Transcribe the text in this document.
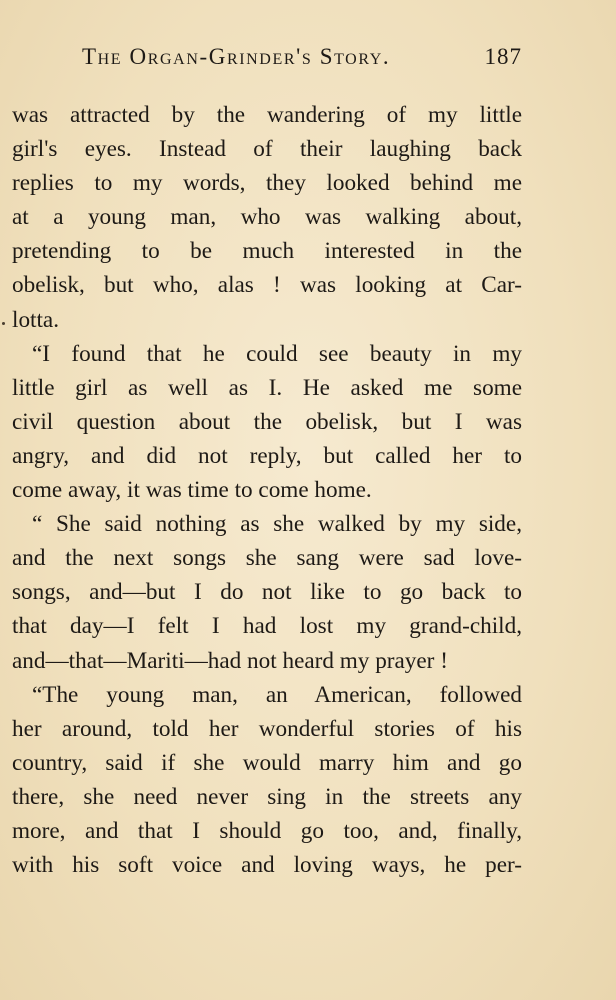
The Organ-Grinder's Story.	187
was attracted by the wandering of my little
girl's eyes. Instead of their laughing back
replies to my words, they looked behind me
at a young man, who was walking about,
pretending to be much interested in the
obelisk, but who, alas ! was looking at Car-
lotta.
“I found that he could see beauty in my
little girl as well as I. He asked me some
civil question about the obelisk, but I was
angry, and did not reply, but called her to
come away, it was time to come home.
“ She said nothing as she walked by my side,
and the next songs she sang were sad love-
songs, and—but I do not like to go back to
that day—I felt I had lost my grand-child,
and—that—Mariti—had not heard my prayer !
“The young man, an American, followed
her around, told her wonderful stories of his
country, said if she would marry him and go
there, she need never sing in the streets any
more, and that I should go too, and, finally,
with his soft voice and loving ways, he per-
